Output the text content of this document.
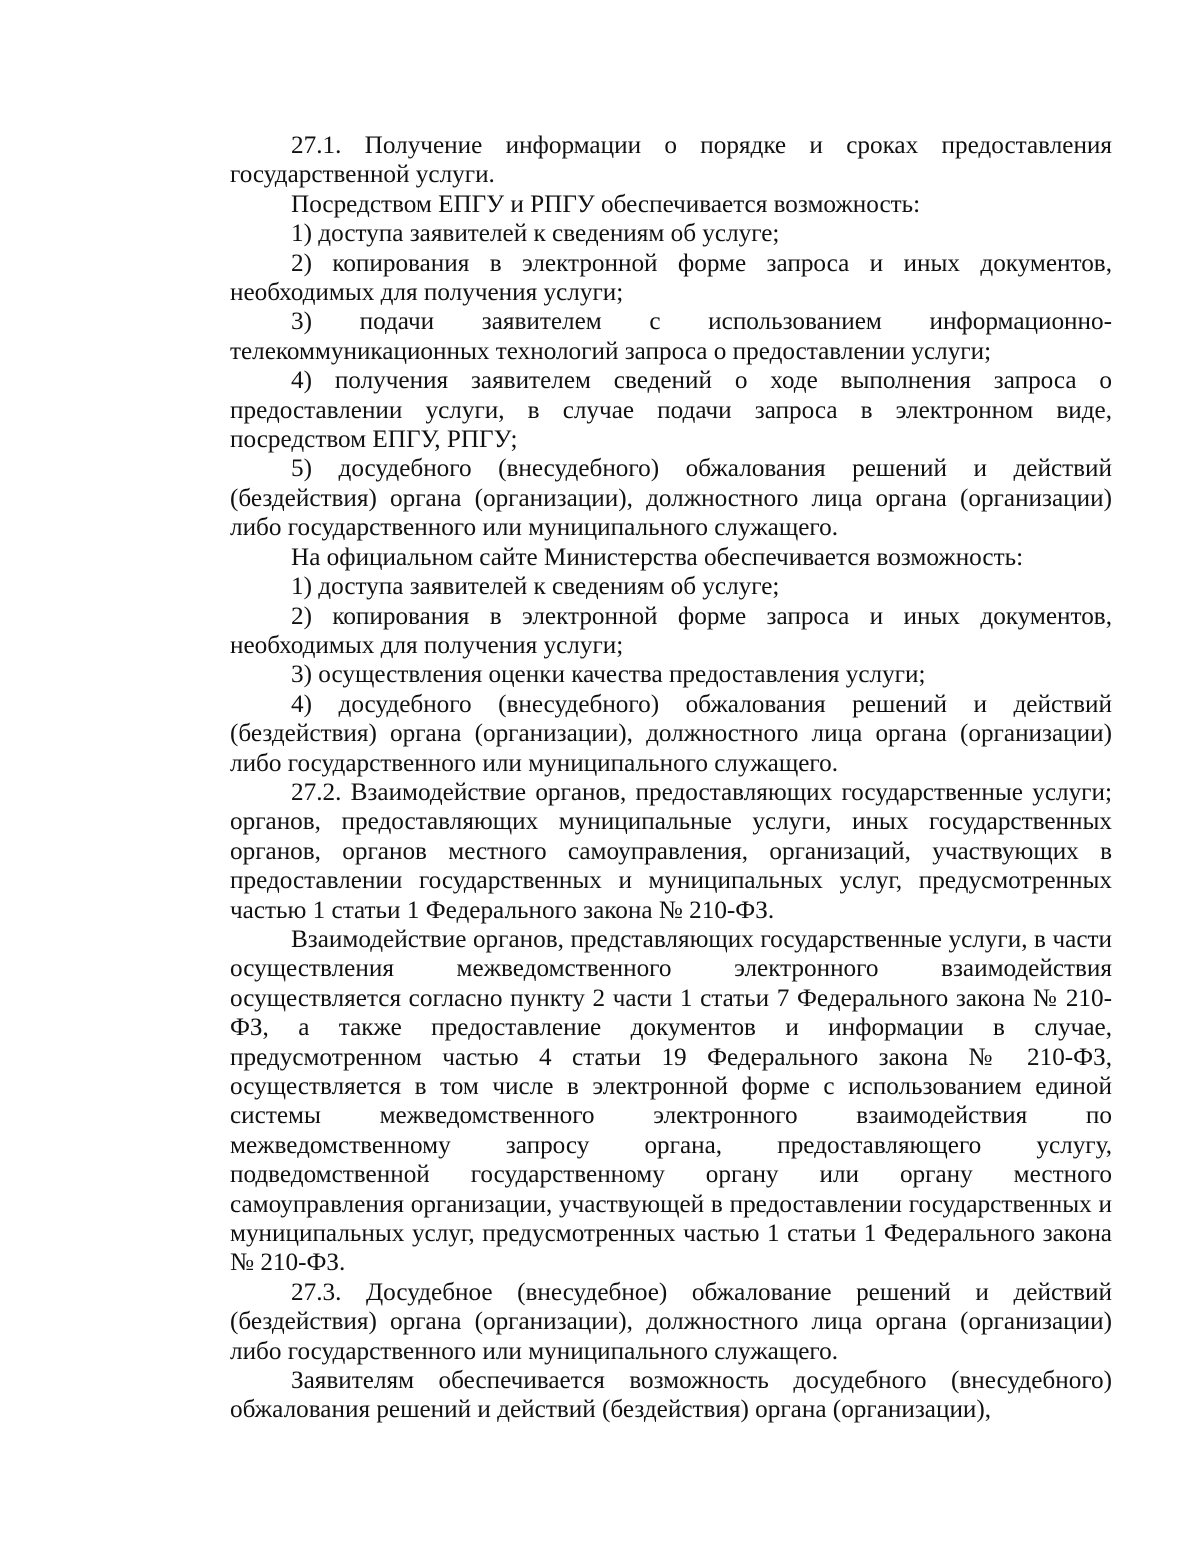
27.1. Получение информации о порядке и сроках предоставления государственной услуги.

Посредством ЕПГУ и РПГУ обеспечивается возможность:

1) доступа заявителей к сведениям об услуге;

2) копирования в электронной форме запроса и иных документов, необходимых для получения услуги;

3) подачи заявителем с использованием информационно-телекоммуникационных технологий запроса о предоставлении услуги;

4) получения заявителем сведений о ходе выполнения запроса о предоставлении услуги, в случае подачи запроса в электронном виде, посредством ЕПГУ, РПГУ;

5) досудебного (внесудебного) обжалования решений и действий (бездействия) органа (организации), должностного лица органа (организации) либо государственного или муниципального служащего.

На официальном сайте Министерства обеспечивается возможность:

1) доступа заявителей к сведениям об услуге;

2) копирования в электронной форме запроса и иных документов, необходимых для получения услуги;

3) осуществления оценки качества предоставления услуги;

4) досудебного (внесудебного) обжалования решений и действий (бездействия) органа (организации), должностного лица органа (организации) либо государственного или муниципального служащего.

27.2. Взаимодействие органов, предоставляющих государственные услуги; органов, предоставляющих муниципальные услуги, иных государственных органов, органов местного самоуправления, организаций, участвующих в предоставлении государственных и муниципальных услуг, предусмотренных частью 1 статьи 1 Федерального закона № 210-ФЗ.

Взаимодействие органов, представляющих государственные услуги, в части осуществления межведомственного электронного взаимодействия осуществляется согласно пункту 2 части 1 статьи 7 Федерального закона № 210-ФЗ, а также предоставление документов и информации в случае, предусмотренном частью 4 статьи 19 Федерального закона № 210-ФЗ, осуществляется в том числе в электронной форме с использованием единой системы межведомственного электронного взаимодействия по межведомственному запросу органа, предоставляющего услугу, подведомственной государственному органу или органу местного самоуправления организации, участвующей в предоставлении государственных и муниципальных услуг, предусмотренных частью 1 статьи 1 Федерального закона № 210-ФЗ.

27.3. Досудебное (внесудебное) обжалование решений и действий (бездействия) органа (организации), должностного лица органа (организации) либо государственного или муниципального служащего.

Заявителям обеспечивается возможность досудебного (внесудебного) обжалования решений и действий (бездействия) органа (организации),
